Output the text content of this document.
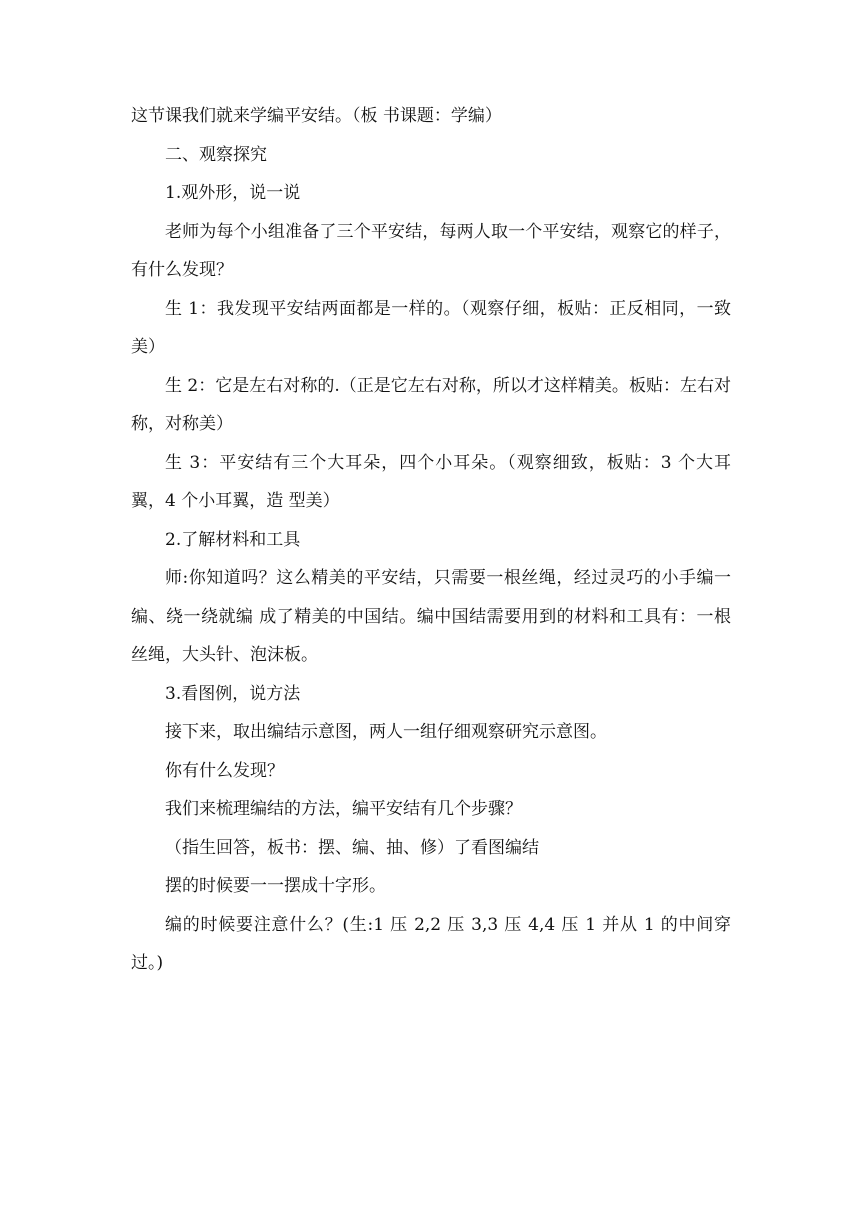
这节课我们就来学编平安结。（板 书课题：学编）

二、观察探究

1.观外形，说一说

老师为每个小组准备了三个平安结，每两人取一个平安结，观察它的样子，有什么发现？

生 1：我发现平安结两面都是一样的。（观察仔细，板贴：正反相同，一致美）

生 2：它是左右对称的.（正是它左右对称，所以才这样精美。板贴：左右对称，对称美）

生 3：平安结有三个大耳朵，四个小耳朵。（观察细致，板贴：3 个大耳翼，4 个小耳翼，造 型美）

2.了解材料和工具

师:你知道吗？这么精美的平安结，只需要一根丝绳，经过灵巧的小手编一编、绕一绕就编 成了精美的中国结。编中国结需要用到的材料和工具有：一根丝绳，大头针、泡沫板。

3.看图例，说方法

接下来，取出编结示意图，两人一组仔细观察研究示意图。

你有什么发现？

我们来梳理编结的方法，编平安结有几个步骤？

（指生回答，板书：摆、编、抽、修）了看图编结

摆的时候要一一摆成十字形。

编的时候要注意什么？(生:1 压 2,2 压 3,3 压 4,4 压 1 并从 1 的中间穿过。)
